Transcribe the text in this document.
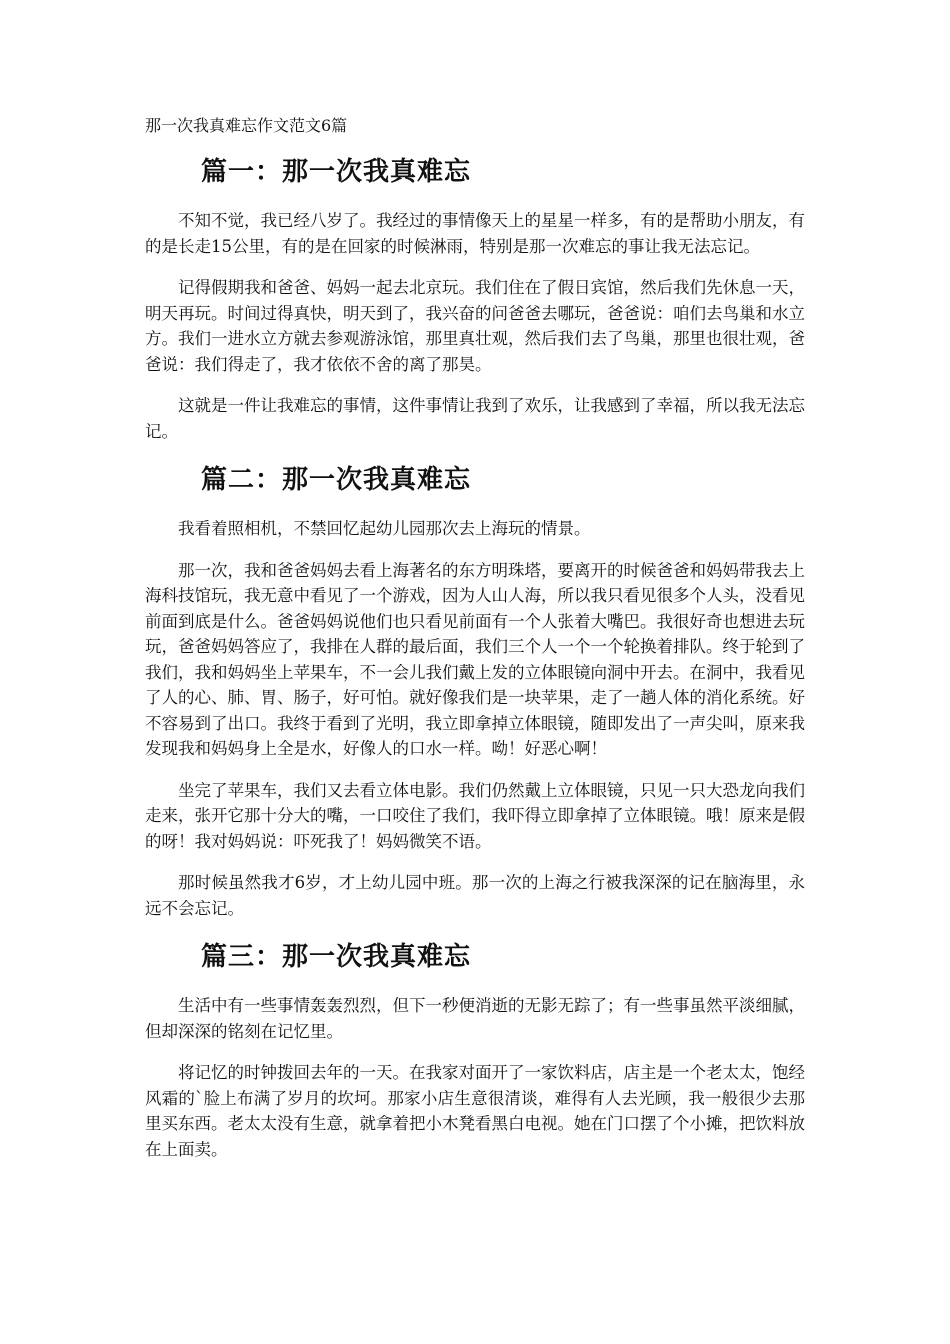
那一次我真难忘作文范文6篇
篇一：那一次我真难忘

不知不觉，我已经八岁了。我经过的事情像天上的星星一样多，有的是帮助小朋友，有的是长走15公里，有的是在回家的时候淋雨，特别是那一次难忘的事让我无法忘记。

记得假期我和爸爸、妈妈一起去北京玩。我们住在了假日宾馆，然后我们先休息一天，明天再玩。时间过得真快，明天到了，我兴奋的问爸爸去哪玩，爸爸说：咱们去鸟巢和水立方。我们一进水立方就去参观游泳馆，那里真壮观，然后我们去了鸟巢，那里也很壮观，爸爸说：我们得走了，我才依依不舍的离了那昊。

这就是一件让我难忘的事情，这件事情让我到了欢乐，让我感到了幸福，所以我无法忘记。

篇二：那一次我真难忘

我看着照相机，不禁回忆起幼儿园那次去上海玩的情景。

那一次，我和爸爸妈妈去看上海著名的东方明珠塔，要离开的时候爸爸和妈妈带我去上海科技馆玩，我无意中看见了一个游戏，因为人山人海，所以我只看见很多个人头，没看见前面到底是什么。爸爸妈妈说他们也只看见前面有一个人张着大嘴巴。我很好奇也想进去玩玩，爸爸妈妈答应了，我排在人群的最后面，我们三个人一个一个轮换着排队。终于轮到了我们，我和妈妈坐上苹果车，不一会儿我们戴上发的立体眼镜向洞中开去。在洞中，我看见了人的心、肺、胃、肠子，好可怕。就好像我们是一块苹果，走了一趟人体的消化系统。好不容易到了出口。我终于看到了光明，我立即拿掉立体眼镜，随即发出了一声尖叫，原来我发现我和妈妈身上全是水，好像人的口水一样。呦！好恶心啊！

坐完了苹果车，我们又去看立体电影。我们仍然戴上立体眼镜，只见一只大恐龙向我们走来，张开它那十分大的嘴，一口咬住了我们，我吓得立即拿掉了立体眼镜。哦！原来是假的呀！我对妈妈说：吓死我了！妈妈微笑不语。

那时候虽然我才6岁，才上幼儿园中班。那一次的上海之行被我深深的记在脑海里，永远不会忘记。

篇三：那一次我真难忘

生活中有一些事情轰轰烈烈，但下一秒便消逝的无影无踪了；有一些事虽然平淡细腻，但却深深的铭刻在记忆里。

将记忆的时钟拨回去年的一天。在我家对面开了一家饮料店，店主是一个老太太，饱经风霜的`脸上布满了岁月的坎坷。那家小店生意很清谈，难得有人去光顾，我一般很少去那里买东西。老太太没有生意，就拿着把小木凳看黑白电视。她在门口摆了个小摊，把饮料放在上面卖。
